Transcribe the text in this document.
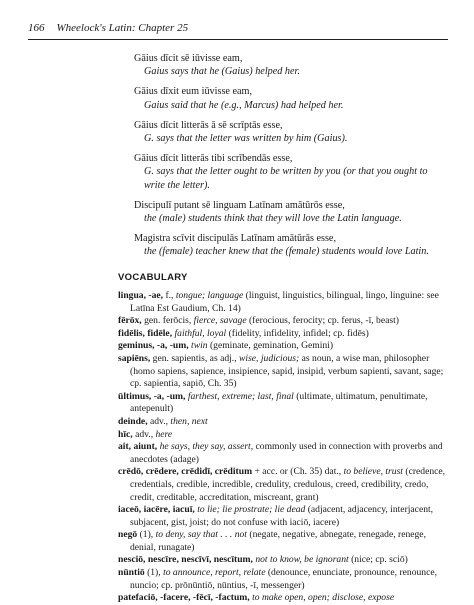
166 Wheelock's Latin: Chapter 25
Gāius dīcit sē iūvisse eam,
Gaius says that he (Gaius) helped her.
Gāius dīxit eum iūvisse eam,
Gaius said that he (e.g., Marcus) had helped her.
Gāius dīcit litterās ā sē scrīptās esse,
G. says that the letter was written by him (Gaius).
Gāius dīcit litterās tibi scrībendās esse,
G. says that the letter ought to be written by you (or that you ought to write the letter).
Discipulī putant sē linguam Latīnam amātūrōs esse,
the (male) students think that they will love the Latin language.
Magistra scīvit discipulās Latīnam amātūrās esse,
the (female) teacher knew that the (female) students would love Latin.
VOCABULARY
lingua, -ae, f., tongue; language (linguist, linguistics, bilingual, lingo, linguine: see Latīna Est Gaudium, Ch. 14)
fērōx, gen. ferōcis, fierce, savage (ferocious, ferocity; cp. ferus, -ī, beast)
fidēlis, fidēle, faithful, loyal (fidelity, infidelity, infidel; cp. fidēs)
geminus, -a, -um, twin (geminate, gemination, Gemini)
sapiēns, gen. sapientis, as adj., wise, judicious; as noun, a wise man, philosopher (homo sapiens, sapience, insipience, sapid, insipid, verbum sapienti, savant, sage; cp. sapientia, sapiō, Ch. 35)
ūltimus, -a, -um, farthest, extreme; last, final (ultimate, ultimatum, penultimate, antepenult)
deinde, adv., then, next
hīc, adv., here
ait, aiunt, he says, they say, assert, commonly used in connection with proverbs and anecdotes (adage)
crēdō, crēdere, crēdidī, crēditum + acc. or (Ch. 35) dat., to believe, trust (credence, credentials, credible, incredible, credulity, credulous, creed, credibility, credo, credit, creditable, accreditation, miscreant, grant)
iaceō, iacēre, iacuī, to lie; lie prostrate; lie dead (adjacent, adjacency, interjacent, subjacent, gist, joist; do not confuse with iaciō, iacere)
negō (1), to deny, say that . . . not (negate, negative, abnegate, renegade, renege, denial, runagate)
nesciō, nescīre, nescīvī, nescītum, not to know, be ignorant (nice; cp. sciō)
nūntiō (1), to announce, report, relate (denounce, enunciate, pronounce, renounce, nuncio; cp. prōnūntiō, nūntius, -ī, messenger)
patefaciō, -facere, -fēcī, -factum, to make open, open; disclose, expose
